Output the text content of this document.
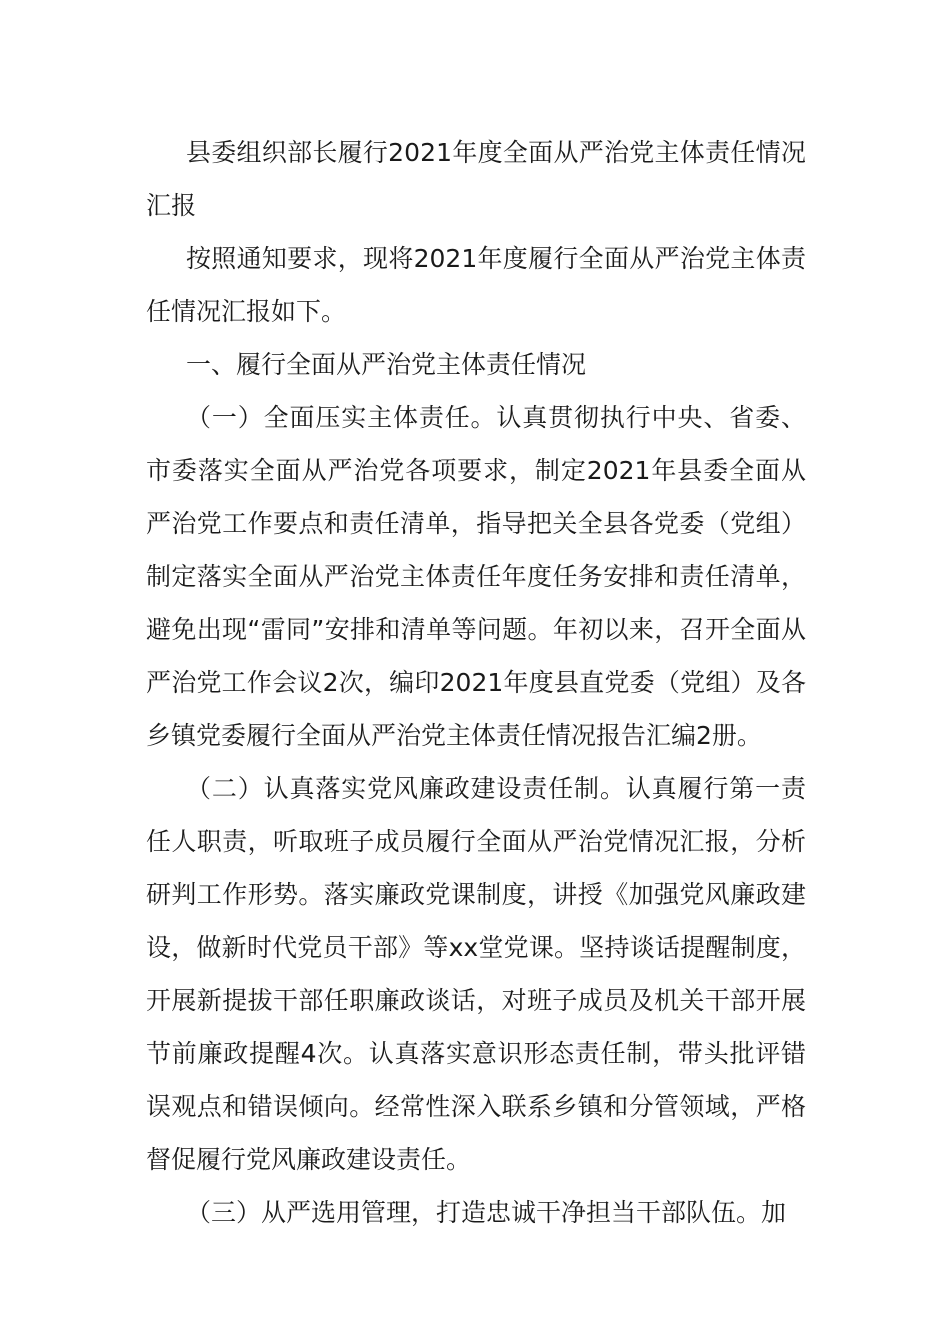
县委组织部长履行2021年度全面从严治党主体责任情况汇报

按照通知要求，现将2021年度履行全面从严治党主体责任情况汇报如下。

一、履行全面从严治党主体责任情况

（一）全面压实主体责任。认真贯彻执行中央、省委、市委落实全面从严治党各项要求，制定2021年县委全面从严治党工作要点和责任清单，指导把关全县各党委（党组）制定落实全面从严治党主体责任年度任务安排和责任清单，避免出现“雷同”安排和清单等问题。年初以来，召开全面从严治党工作会议2次，编印2021年度县直党委（党组）及各乡镇党委履行全面从严治党主体责任情况报告汇编2册。

（二）认真落实党风廉政建设责任制。认真履行第一责任人职责，听取班子成员履行全面从严治党情况汇报，分析研判工作形势。落实廉政党课制度，讲授《加强党风廉政建设，做新时代党员干部》等xx堂党课。坚持谈话提醒制度，开展新提拔干部任职廉政谈话，对班子成员及机关干部开展节前廉政提醒4次。认真落实意识形态责任制，带头批评错误观点和错误倾向。经常性深入联系乡镇和分管领域，严格督促履行党风廉政建设责任。

（三）从严选用管理，打造忠诚干净担当干部队伍。加
